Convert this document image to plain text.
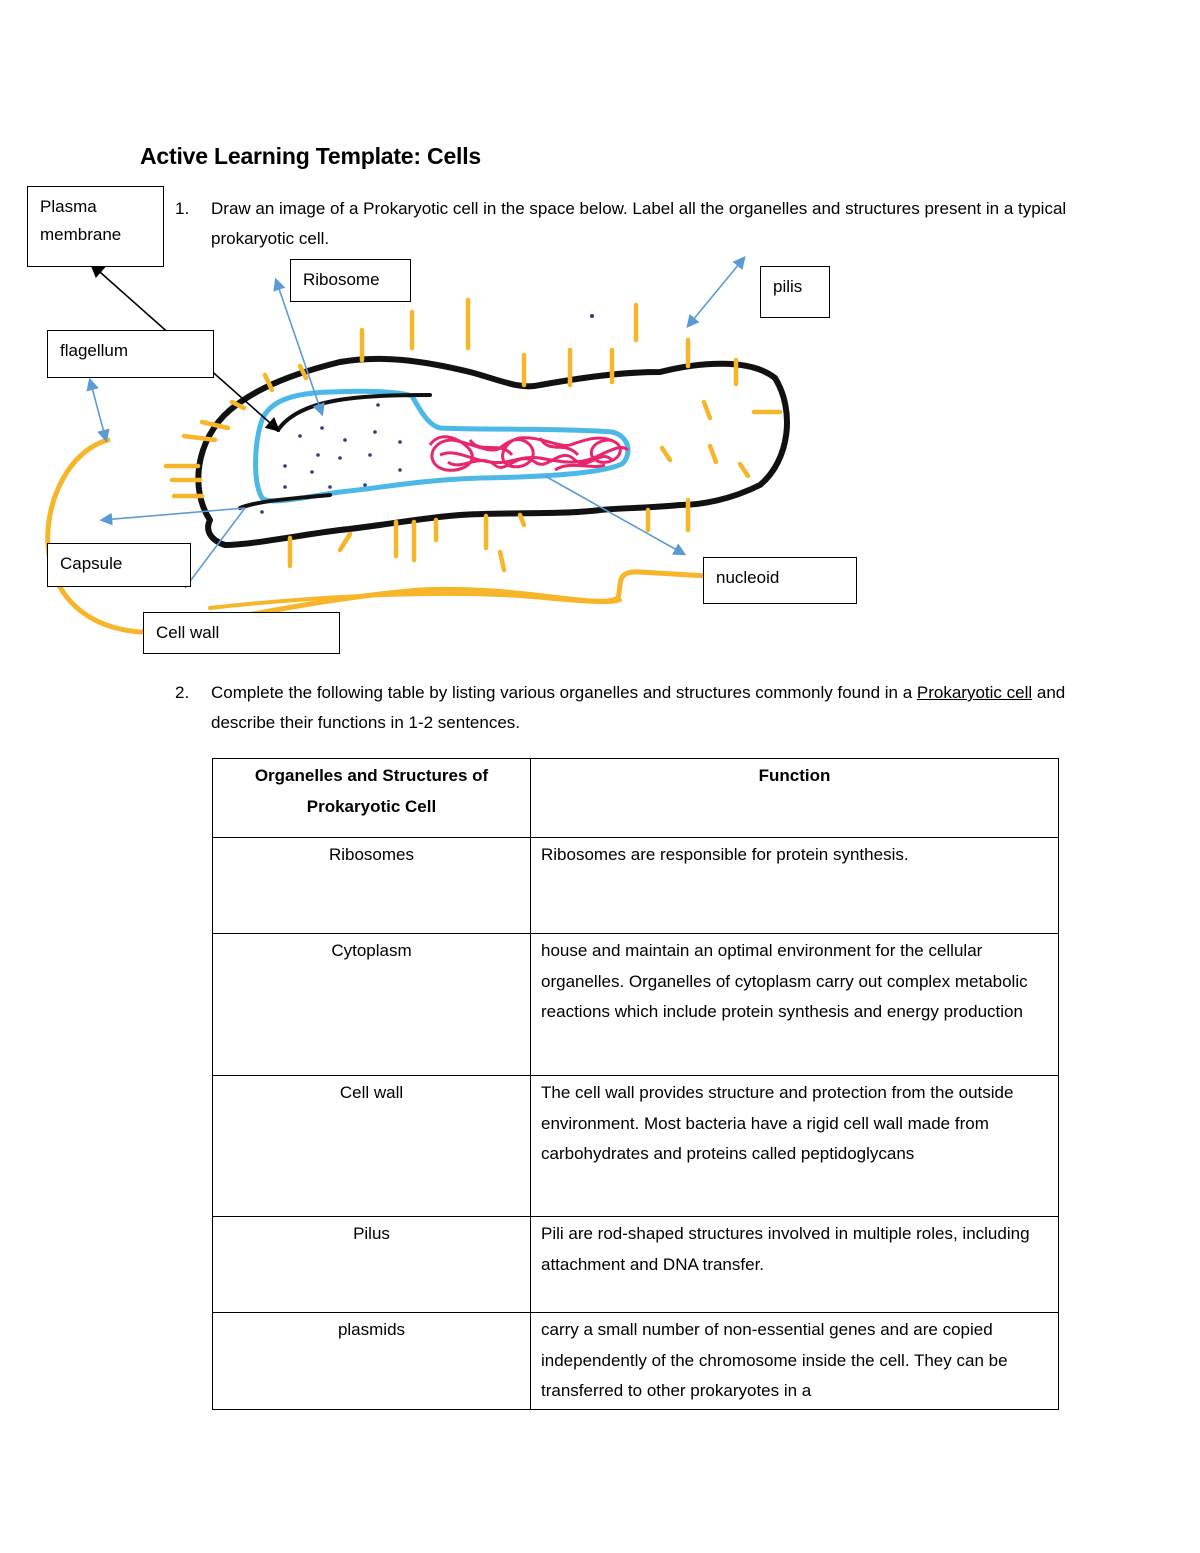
Active Learning Template: Cells
1. Draw an image of a Prokaryotic cell in the space below. Label all the organelles and structures present in a typical prokaryotic cell.
Plasma membrane
Ribosome	pilis
flagellum
Capsule
Cell wall
nucleoid
2. Complete the following table by listing various organelles and structures commonly found in a Prokaryotic cell and describe their functions in 1-2 sentences.
Organelles and Structures of Prokaryotic Cell	Function
Ribosomes	Ribosomes are responsible for protein synthesis.
Cytoplasm	house and maintain an optimal environment for the cellular organelles. Organelles of cytoplasm carry out complex metabolic reactions which include protein synthesis and energy production
Cell wall	The cell wall provides structure and protection from the outside environment. Most bacteria have a rigid cell wall made from carbohydrates and proteins called peptidoglycans
Pilus	Pili are rod-shaped structures involved in multiple roles, including attachment and DNA transfer.
plasmids	carry a small number of non-essential genes and are copied independently of the chromosome inside the cell. They can be transferred to other prokaryotes in a
